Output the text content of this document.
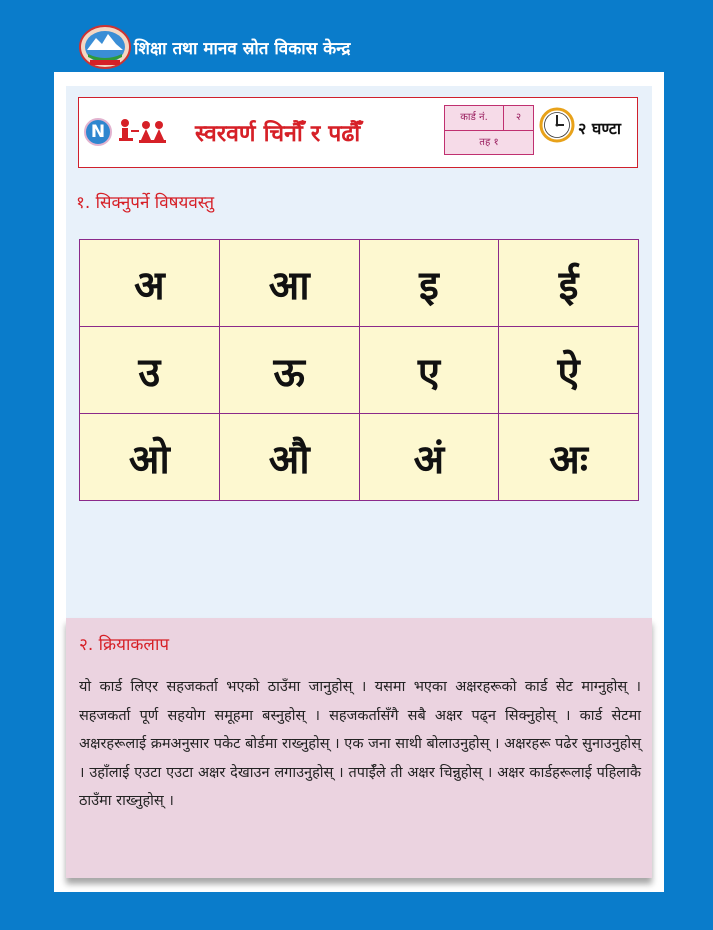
शिक्षा तथा मानव स्रोत विकास केन्द्र
N	स्वरवर्ण चिनौँ र पढौँ
कार्ड नं.	२
तह १
२ घण्टा
१. सिक्नुपर्ने विषयवस्तु
अ	आ	इ	ई
उ	ऊ	ए	ऐ
ओ	औ	अं	अः
२. क्रियाकलाप
यो कार्ड लिएर सहजकर्ता भएको ठाउँमा जानुहोस् । यसमा भएका अक्षरहरूको कार्ड सेट माग्नुहोस् । सहजकर्ता पूर्ण सहयोग समूहमा बस्नुहोस् । सहजकर्तासँगै सबै अक्षर पढ्न सिक्नुहोस् । कार्ड सेटमा अक्षरहरूलाई क्रमअनुसार पकेट बोर्डमा राख्नुहोस् । एक जना साथी बोलाउनुहोस् । अक्षरहरू पढेर सुनाउनुहोस् । उहाँलाई एउटा एउटा अक्षर देखाउन लगाउनुहोस् । तपाईँले ती अक्षर चिन्नुहोस् । अक्षर कार्डहरूलाई पहिलाकै ठाउँमा राख्नुहोस् ।
